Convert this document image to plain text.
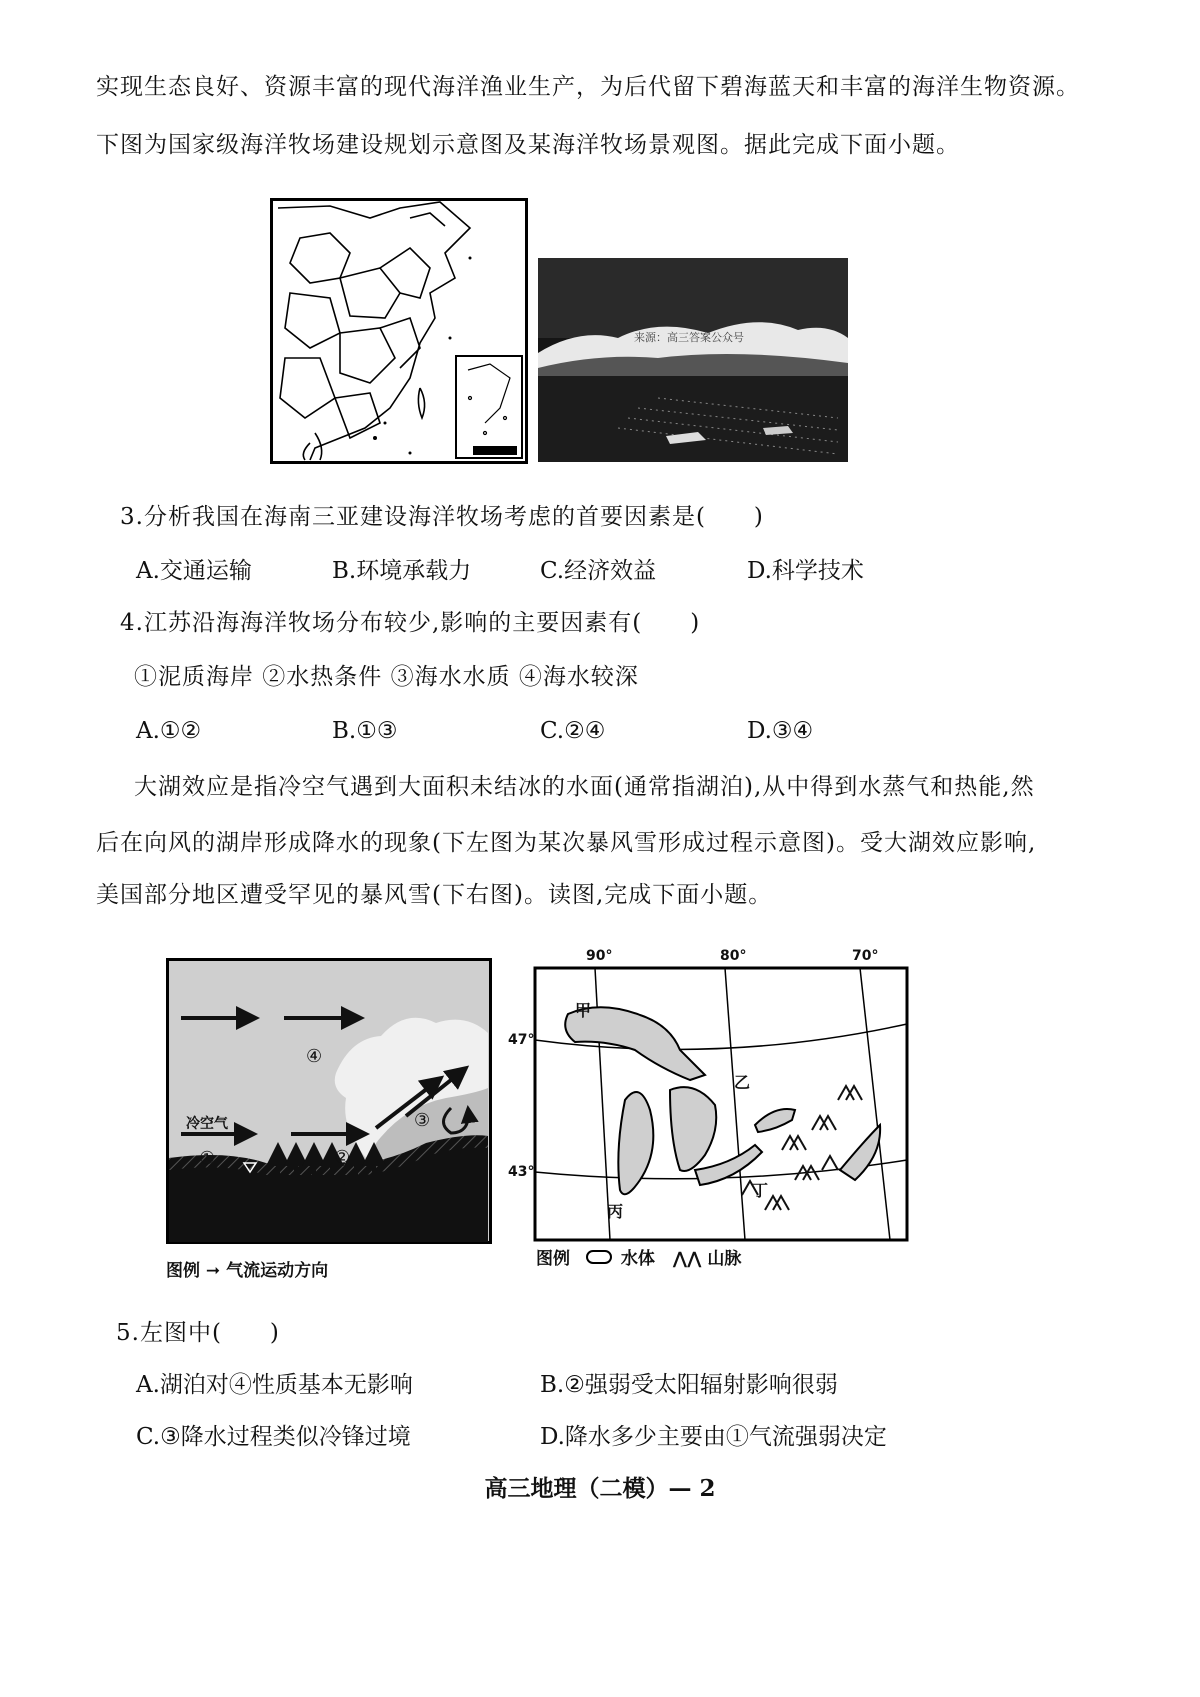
实现生态良好、资源丰富的现代海洋渔业生产，为后代留下碧海蓝天和丰富的海洋生物资源。
下图为国家级海洋牧场建设规划示意图及某海洋牧场景观图。据此完成下面小题。
来源：高三答案公众号
3.分析我国在海南三亚建设海洋牧场考虑的首要因素是(　　)
A.交通运输	B.环境承载力	C.经济效益	D.科学技术
4.江苏沿海海洋牧场分布较少,影响的主要因素有(　　)
①泥质海岸 ②水热条件 ③海水水质 ④海水较深
A.①②	B.①③	C.②④	D.③④
大湖效应是指冷空气遇到大面积未结冰的水面(通常指湖泊),从中得到水蒸气和热能,然
后在向风的湖岸形成降水的现象(下左图为某次暴风雪形成过程示意图)。受大湖效应影响,
美国部分地区遭受罕见的暴风雪(下右图)。读图,完成下面小题。
冷空气
①	②
③
④
图例 ➞ 气流运动方向
90°	80°	70°
47°
43°
甲
乙
丙
丁
图例	水体 ⋀⋀ 山脉
5.左图中(　　)
A.湖泊对④性质基本无影响	B.②强弱受太阳辐射影响很弱
C.③降水过程类似冷锋过境	D.降水多少主要由①气流强弱决定
高三地理（二模）— 2
